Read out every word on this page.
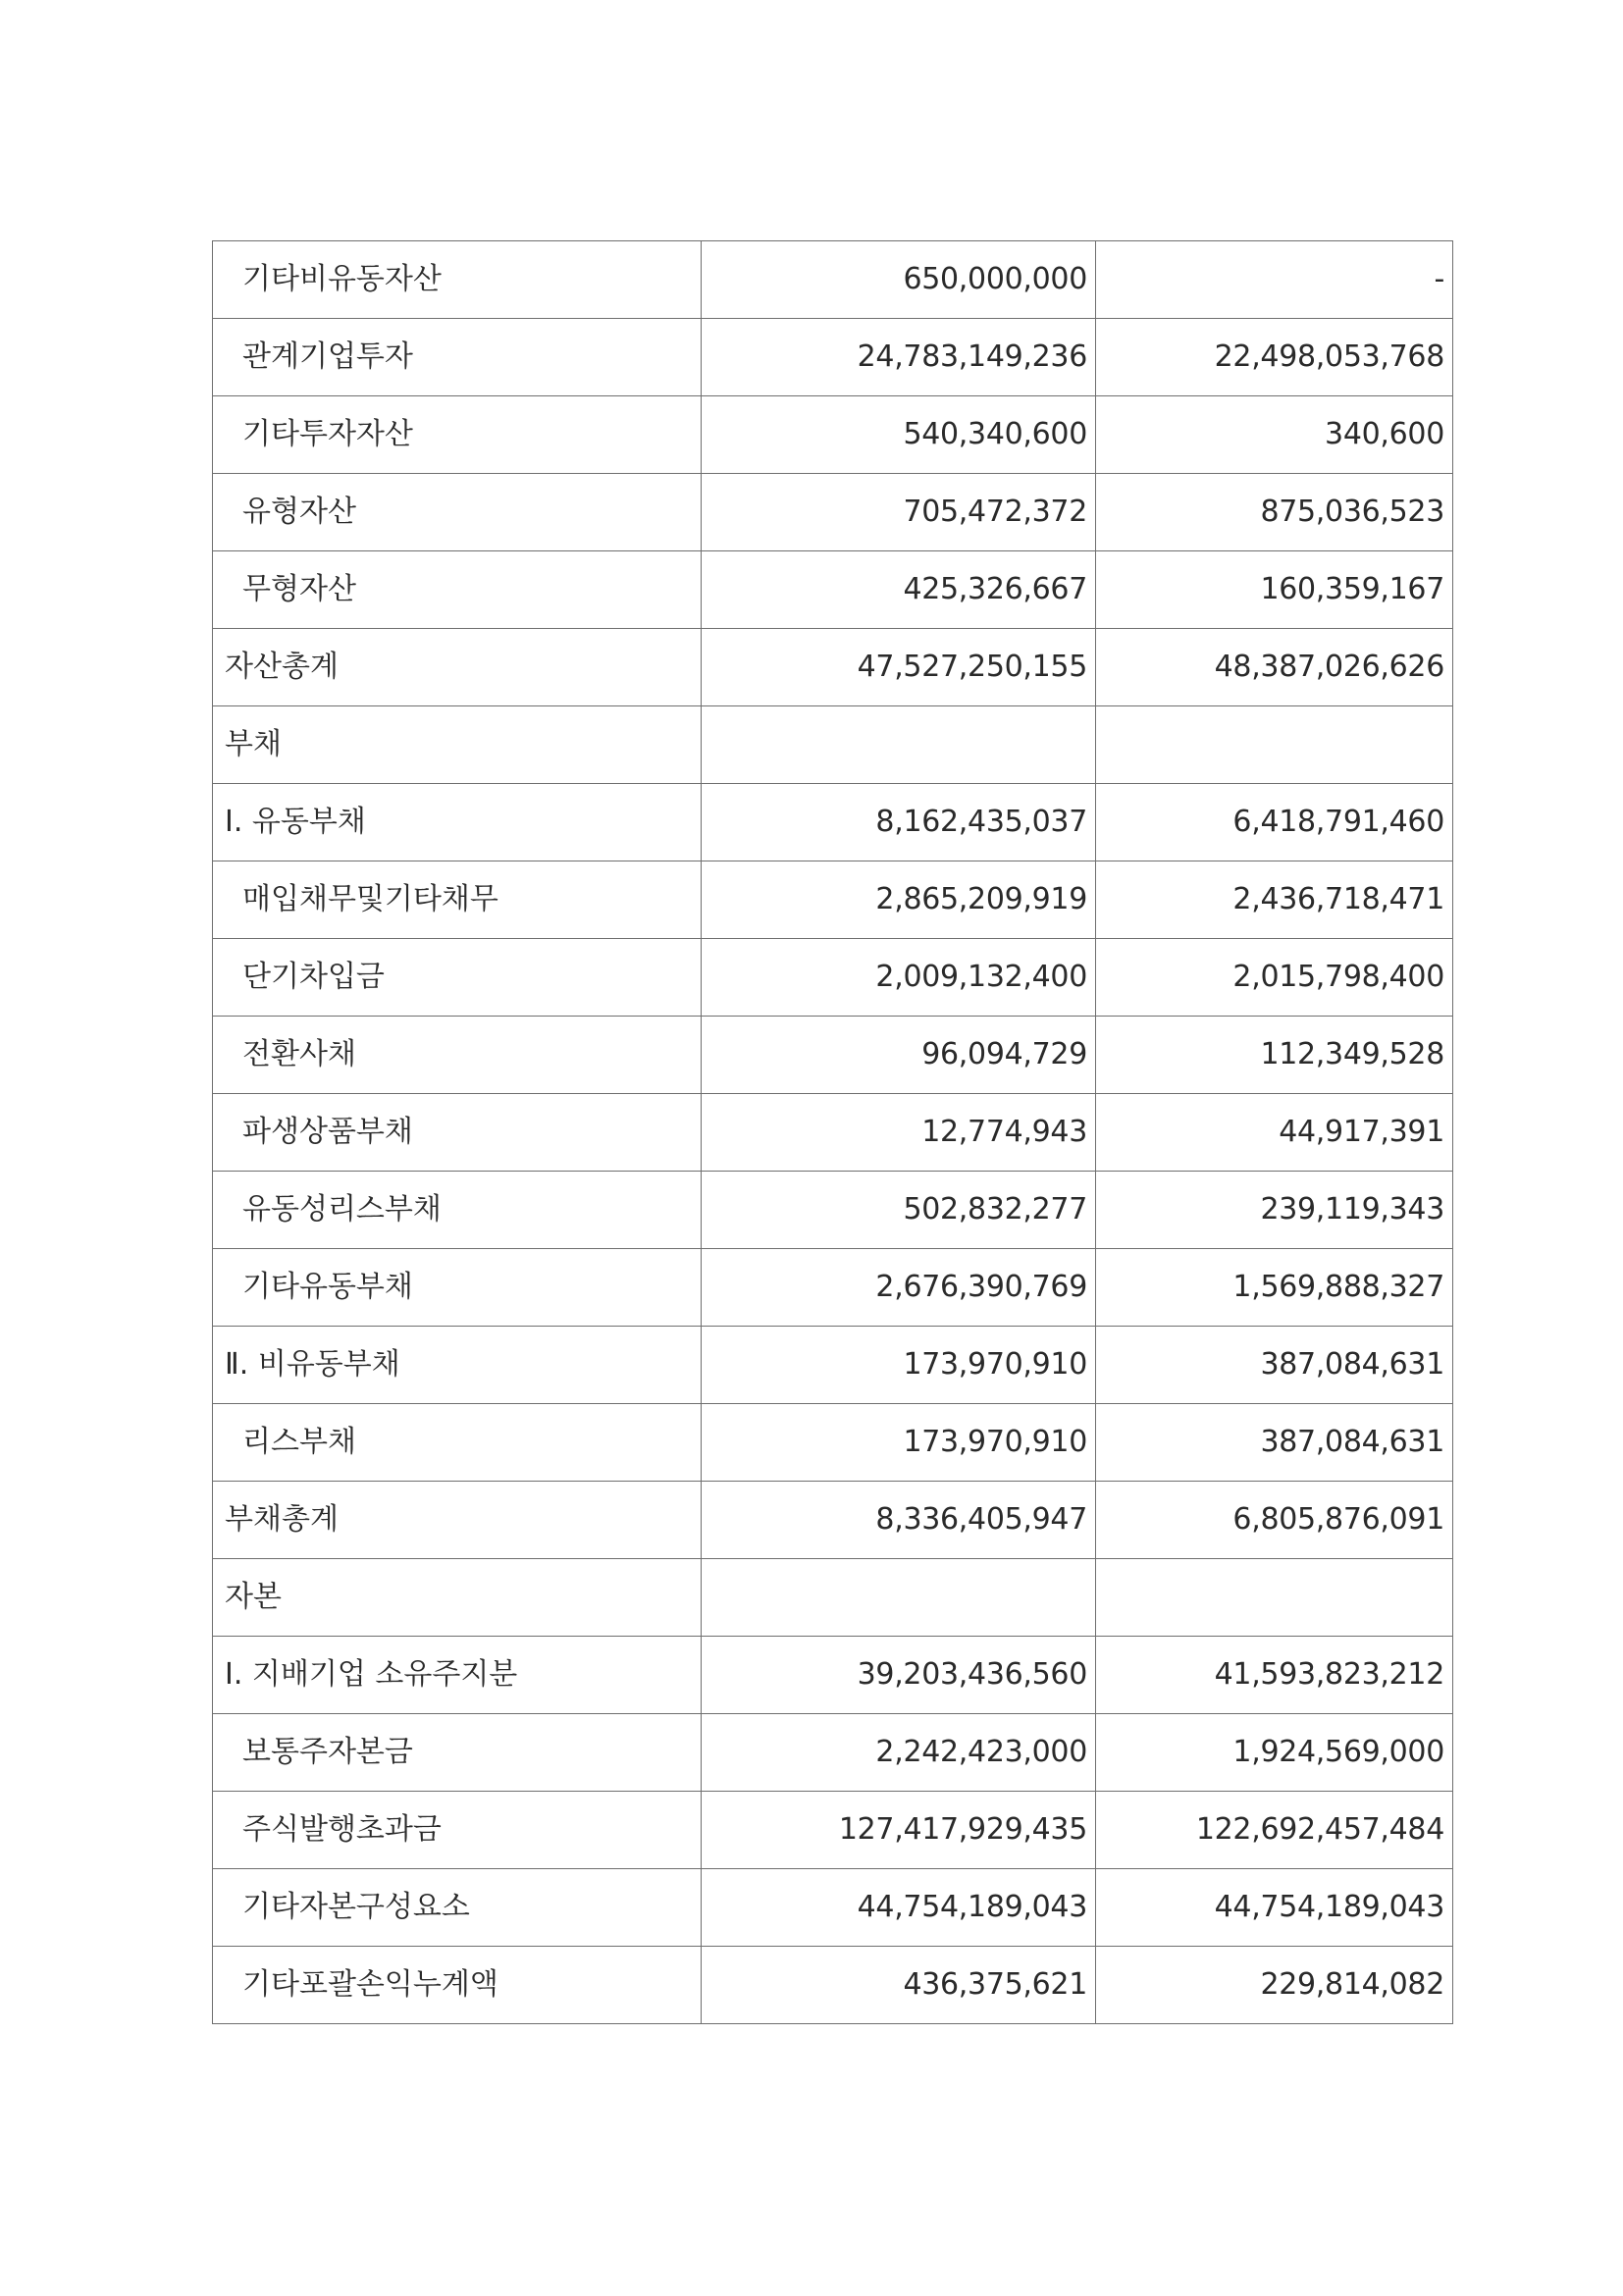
기타비유동자산	650,000,000	-
관계기업투자	24,783,149,236	22,498,053,768
기타투자자산	540,340,600	340,600
유형자산	705,472,372	875,036,523
무형자산	425,326,667	160,359,167
자산총계	47,527,250,155	48,387,026,626
부채		
Ⅰ. 유동부채	8,162,435,037	6,418,791,460
매입채무및기타채무	2,865,209,919	2,436,718,471
단기차입금	2,009,132,400	2,015,798,400
전환사채	96,094,729	112,349,528
파생상품부채	12,774,943	44,917,391
유동성리스부채	502,832,277	239,119,343
기타유동부채	2,676,390,769	1,569,888,327
Ⅱ. 비유동부채	173,970,910	387,084,631
리스부채	173,970,910	387,084,631
부채총계	8,336,405,947	6,805,876,091
자본		
Ⅰ. 지배기업 소유주지분	39,203,436,560	41,593,823,212
보통주자본금	2,242,423,000	1,924,569,000
주식발행초과금	127,417,929,435	122,692,457,484
기타자본구성요소	44,754,189,043	44,754,189,043
기타포괄손익누계액	436,375,621	229,814,082
